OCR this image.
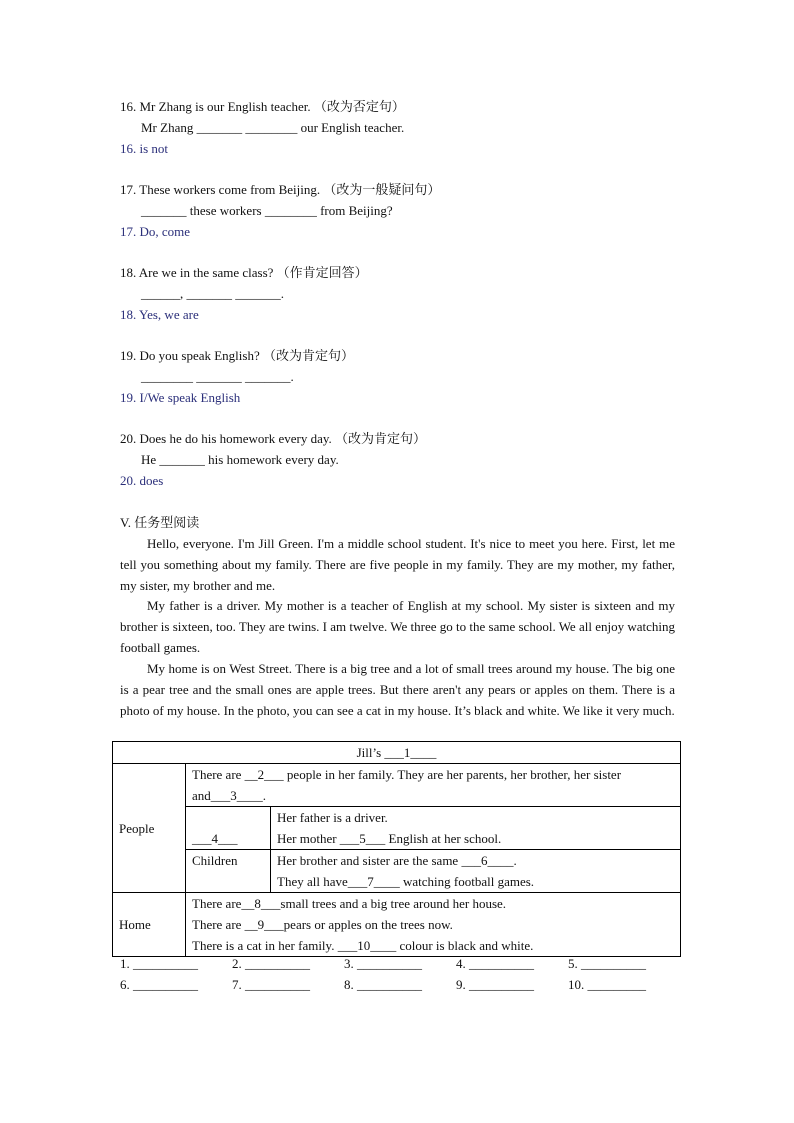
16. Mr Zhang is our English teacher. （改为否定句）
Mr Zhang _______ ________ our English teacher.
16. is not
17. These workers come from Beijing. （改为一般疑问句）
_______ these workers ________ from Beijing?
17. Do, come
18. Are we in the same class? （作肯定回答）
______, _______ _______.
18. Yes, we are
19. Do you speak English? （改为肯定句）
________ _______ _______.
19. I/We speak English
20. Does he do his homework every day. （改为肯定句）
He _______ his homework every day.
20. does
V. 任务型阅读
Hello, everyone. I'm Jill Green. I'm a middle school student. It's nice to meet you here. First, let me tell you something about my family. There are five people in my family. They are my mother, my father, my sister, my brother and me.
My father is a driver. My mother is a teacher of English at my school. My sister is sixteen and my brother is sixteen, too. They are twins. I am twelve. We three go to the same school. We all enjoy watching football games.
My home is on West Street. There is a big tree and a lot of small trees around my house. The big one is a pear tree and the small ones are apple trees. But there aren't any pears or apples on them. There is a photo of my house. In the photo, you can see a cat in my house. It’s black and white. We like it very much.
Jill’s ___1____		
People	There are __2___ people in her family. They are her parents, her brother, her sister and___3____.	
	___4___	Her father is a driver.
Her mother ___5___ English at her school.

	Children	Her brother and sister are the same ___6____.
They all have___7____ watching football games.

Home	There are__8___small trees and a big tree around her house.
There are __9___pears or apples on the trees now.
There is a cat in her family. ___10____ colour is black and white.	
1. __________	2. __________	3. __________	4. __________	5. __________
6. __________	7. __________	8. __________	9. __________	10. _________
